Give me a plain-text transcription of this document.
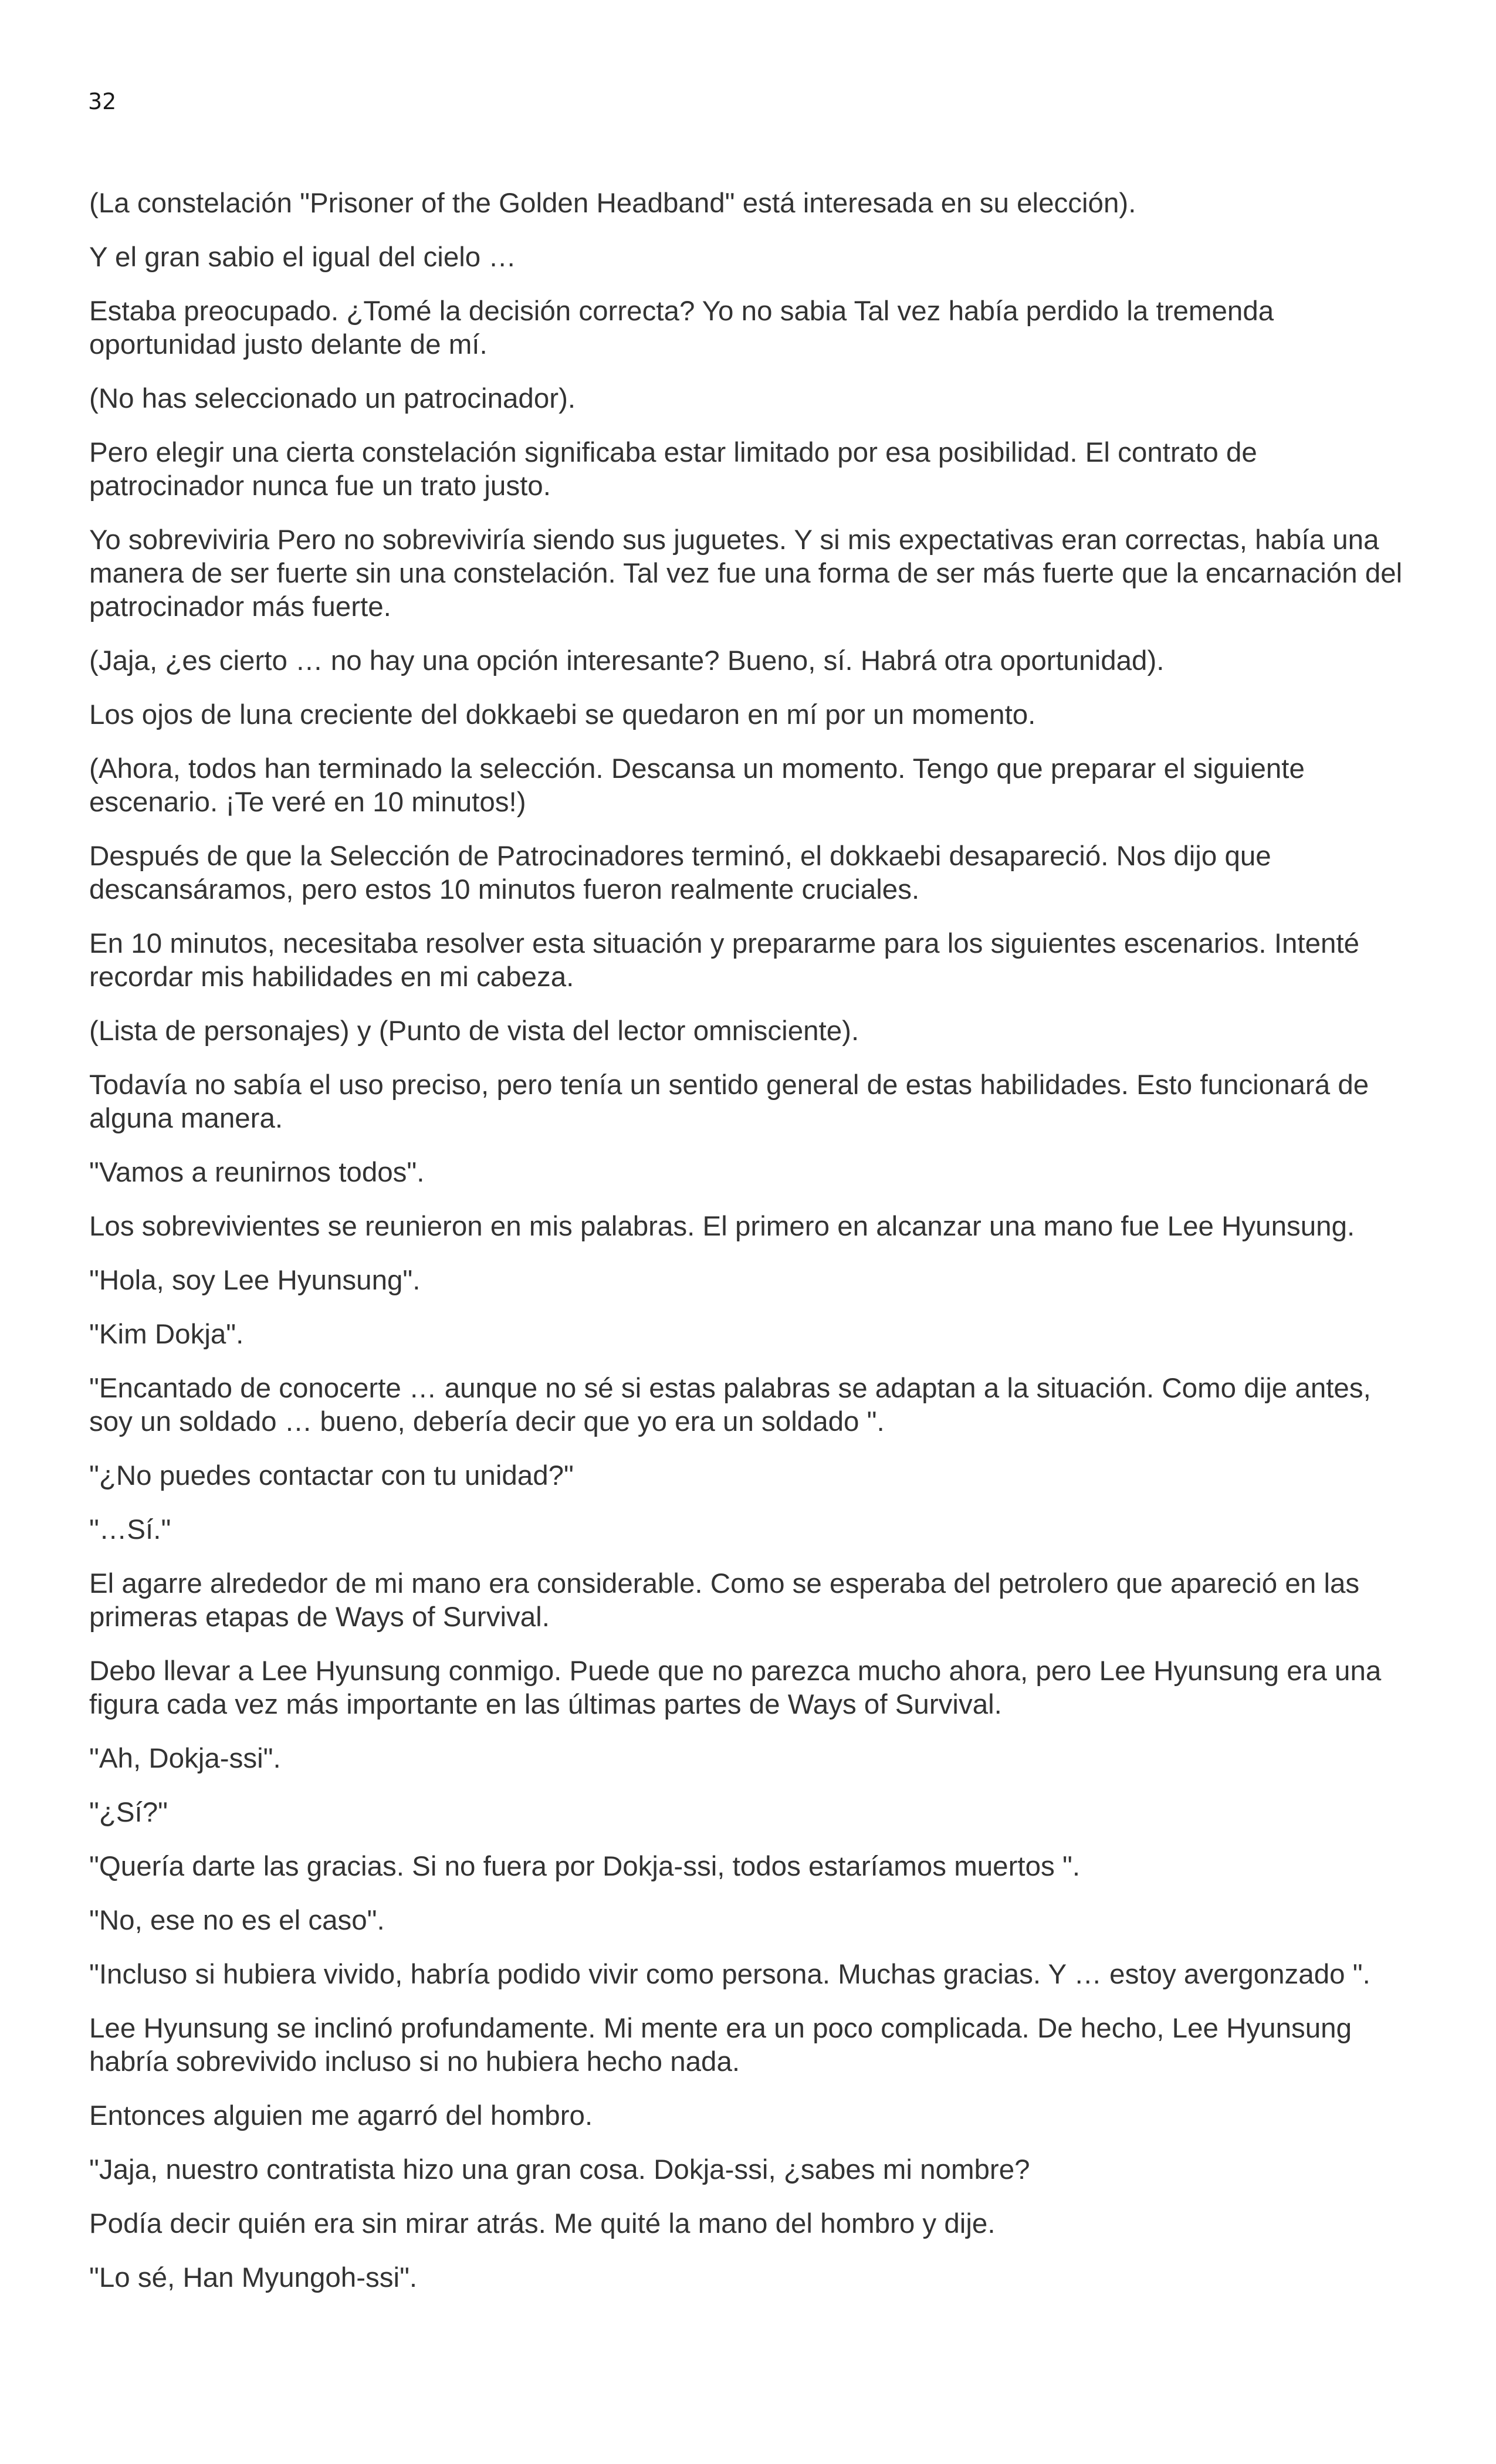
32

(La constelación "Prisoner of the Golden Headband" está interesada en su elección).

Y el gran sabio el igual del cielo …

Estaba preocupado. ¿Tomé la decisión correcta? Yo no sabia Tal vez había perdido la tremenda oportunidad justo delante de mí.

(No has seleccionado un patrocinador).

Pero elegir una cierta constelación significaba estar limitado por esa posibilidad. El contrato de patrocinador nunca fue un trato justo.

Yo sobreviviria Pero no sobreviviría siendo sus juguetes. Y si mis expectativas eran correctas, había una manera de ser fuerte sin una constelación. Tal vez fue una forma de ser más fuerte que la encarnación del patrocinador más fuerte.

(Jaja, ¿es cierto … no hay una opción interesante? Bueno, sí. Habrá otra oportunidad).

Los ojos de luna creciente del dokkaebi se quedaron en mí por un momento.

(Ahora, todos han terminado la selección. Descansa un momento. Tengo que preparar el siguiente escenario. ¡Te veré en 10 minutos!)

Después de que la Selección de Patrocinadores terminó, el dokkaebi desapareció. Nos dijo que descansáramos, pero estos 10 minutos fueron realmente cruciales.

En 10 minutos, necesitaba resolver esta situación y prepararme para los siguientes escenarios. Intenté recordar mis habilidades en mi cabeza.

(Lista de personajes) y (Punto de vista del lector omnisciente).

Todavía no sabía el uso preciso, pero tenía un sentido general de estas habilidades. Esto funcionará de alguna manera.

"Vamos a reunirnos todos".

Los sobrevivientes se reunieron en mis palabras. El primero en alcanzar una mano fue Lee Hyunsung.

"Hola, soy Lee Hyunsung".

"Kim Dokja".

"Encantado de conocerte … aunque no sé si estas palabras se adaptan a la situación. Como dije antes, soy un soldado … bueno, debería decir que yo era un soldado ".

"¿No puedes contactar con tu unidad?"

"…Sí."

El agarre alrededor de mi mano era considerable. Como se esperaba del petrolero que apareció en las primeras etapas de Ways of Survival.

Debo llevar a Lee Hyunsung conmigo. Puede que no parezca mucho ahora, pero Lee Hyunsung era una figura cada vez más importante en las últimas partes de Ways of Survival.

"Ah, Dokja-ssi".

"¿Sí?"

"Quería darte las gracias. Si no fuera por Dokja-ssi, todos estaríamos muertos ".

"No, ese no es el caso".

"Incluso si hubiera vivido, habría podido vivir como persona. Muchas gracias. Y … estoy avergonzado ".

Lee Hyunsung se inclinó profundamente. Mi mente era un poco complicada. De hecho, Lee Hyunsung habría sobrevivido incluso si no hubiera hecho nada.

Entonces alguien me agarró del hombro.

"Jaja, nuestro contratista hizo una gran cosa. Dokja-ssi, ¿sabes mi nombre?

Podía decir quién era sin mirar atrás. Me quité la mano del hombro y dije.

"Lo sé, Han Myungoh-ssi".
